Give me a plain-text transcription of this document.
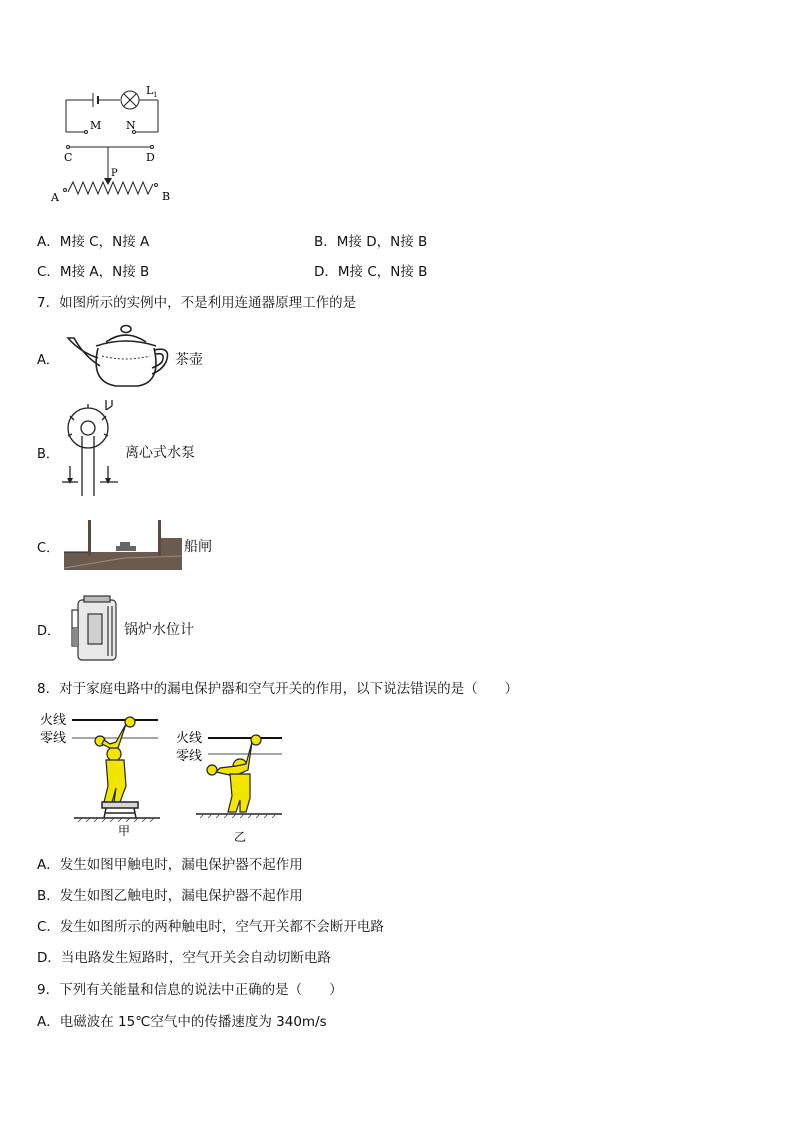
L 1
M N
C	D
P
A	B
A．M接 C，N接 A	B．M接 D，N接 B
C．M接 A，N接 B	D．M接 C，N接 B
7．如图所示的实例中，不是利用连通器原理工作的是
A．	茶壶
B．	离心式水泵
C．	船闸
D．	锅炉水位计
8．对于家庭电路中的漏电保护器和空气开关的作用，以下说法错误的是（　　）
火线
零线
甲
火线
零线
乙
A．发生如图甲触电时，漏电保护器不起作用
B．发生如图乙触电时，漏电保护器不起作用
C．发生如图所示的两种触电时，空气开关都不会断开电路
D．当电路发生短路时，空气开关会自动切断电路
9．下列有关能量和信息的说法中正确的是（　　）
A．电磁波在 15℃空气中的传播速度为 340m/s
